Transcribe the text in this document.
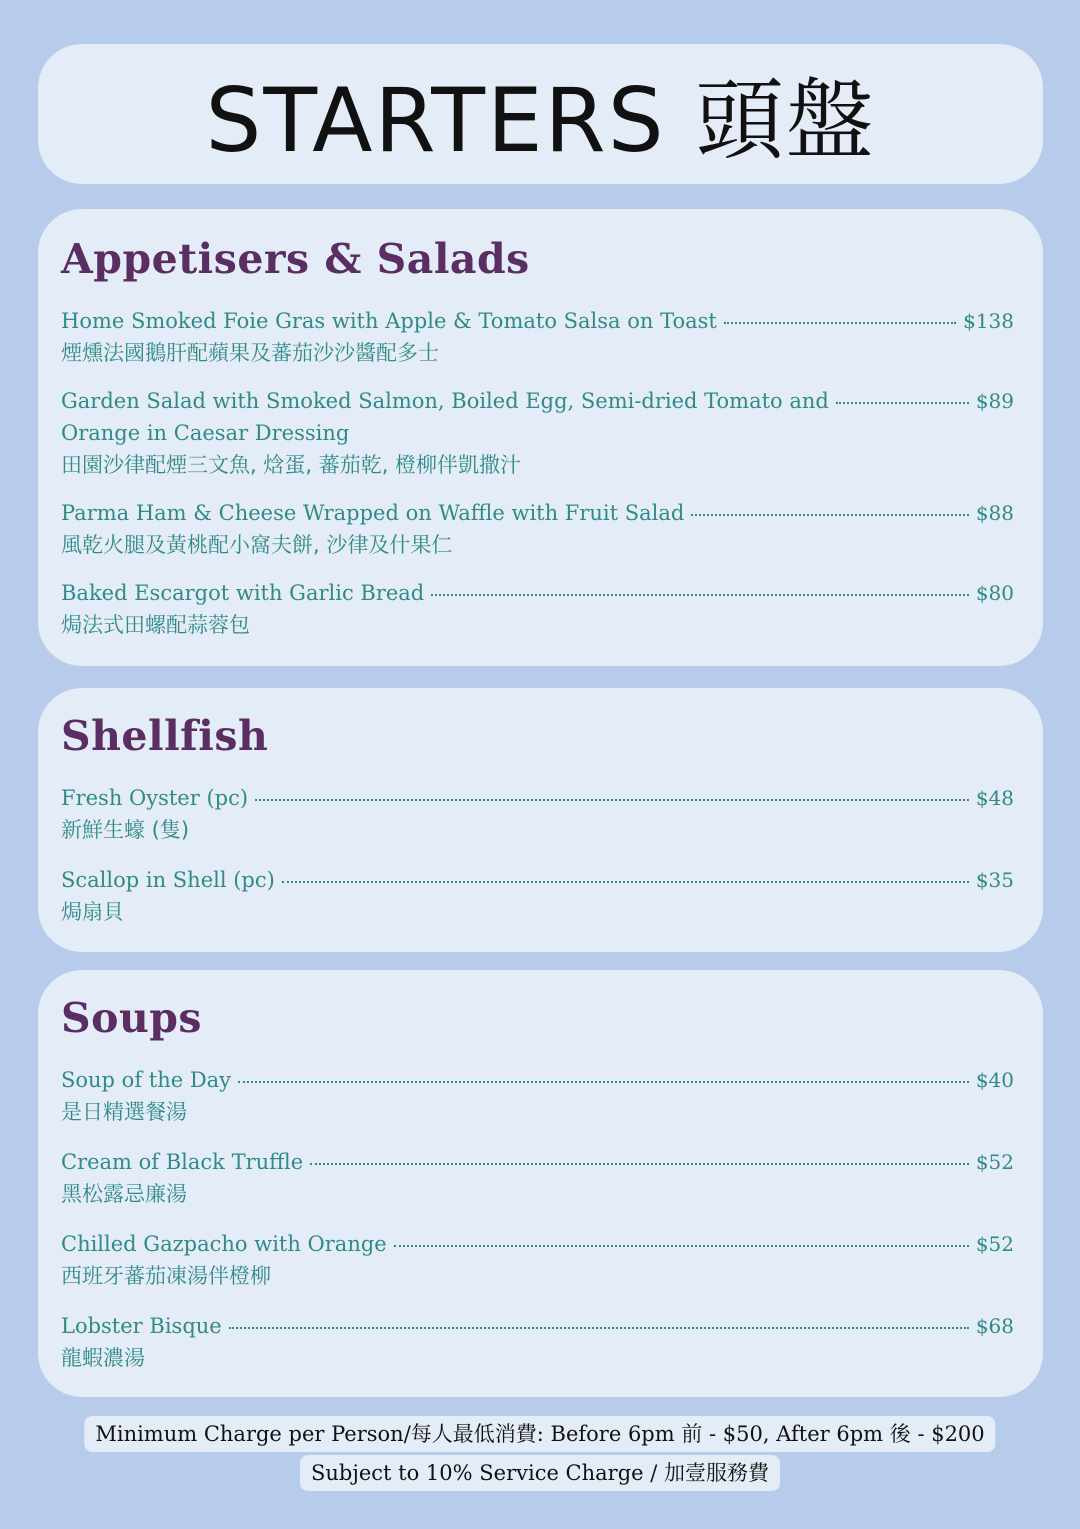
STARTERS 頭盤
Appetisers & Salads
Home Smoked Foie Gras with Apple & Tomato Salsa on Toast	$138
煙燻法國鵝肝配蘋果及蕃茄沙沙醬配多士
Garden Salad with Smoked Salmon, Boiled Egg, Semi-dried Tomato and	$89
Orange in Caesar Dressing
田園沙律配煙三文魚, 焓蛋, 蕃茄乾, 橙柳伴凱撒汁
Parma Ham & Cheese Wrapped on Waffle with Fruit Salad	$88
風乾火腿及黃桃配小窩夫餅, 沙律及什果仁
Baked Escargot with Garlic Bread	$80
焗法式田螺配蒜蓉包
Shellfish
Fresh Oyster (pc)	$48
新鮮生蠔 (隻)
Scallop in Shell (pc)	$35
焗扇貝
Soups
Soup of the Day	$40
是日精選餐湯
Cream of Black Truffle	$52
黑松露忌廉湯
Chilled Gazpacho with Orange	$52
西班牙蕃茄凍湯伴橙柳
Lobster Bisque	$68
龍蝦濃湯
Minimum Charge per Person/每人最低消費: Before 6pm 前 - $50, After 6pm 後 - $200
Subject to 10% Service Charge / 加壹服務費
